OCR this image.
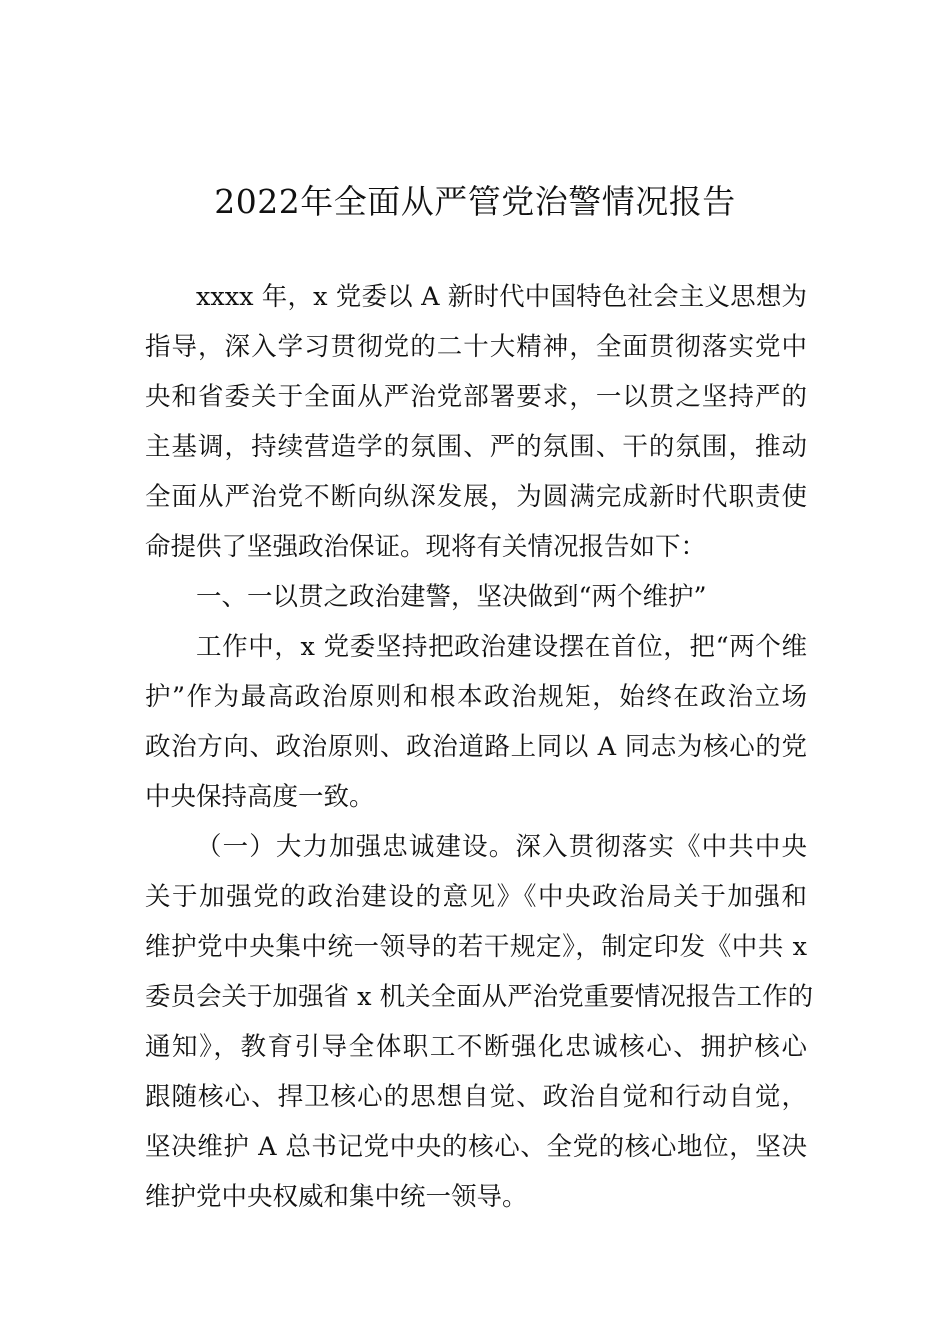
2022年全面从严管党治警情况报告
xxxx 年，x 党委以 A 新时代中国特色社会主义思想为
指导，深入学习贯彻党的二十大精神，全面贯彻落实党中
央和省委关于全面从严治党部署要求，一以贯之坚持严的
主基调，持续营造学的氛围、严的氛围、干的氛围，推动
全面从严治党不断向纵深发展，为圆满完成新时代职责使
命提供了坚强政治保证。现将有关情况报告如下：
一、一以贯之政治建警，坚决做到“两个维护”
工作中，x 党委坚持把政治建设摆在首位，把“两个维
护”作为最高政治原则和根本政治规矩，始终在政治立场
政治方向、政治原则、政治道路上同以 A 同志为核心的党
中央保持高度一致。
（一）大力加强忠诚建设。深入贯彻落实《中共中央
关于加强党的政治建设的意见》《中央政治局关于加强和
维护党中央集中统一领导的若干规定》，制定印发《中共 x
委员会关于加强省 x 机关全面从严治党重要情况报告工作的
通知》，教育引导全体职工不断强化忠诚核心、拥护核心
跟随核心、捍卫核心的思想自觉、政治自觉和行动自觉，
坚决维护 A 总书记党中央的核心、全党的核心地位，坚决
维护党中央权威和集中统一领导。
